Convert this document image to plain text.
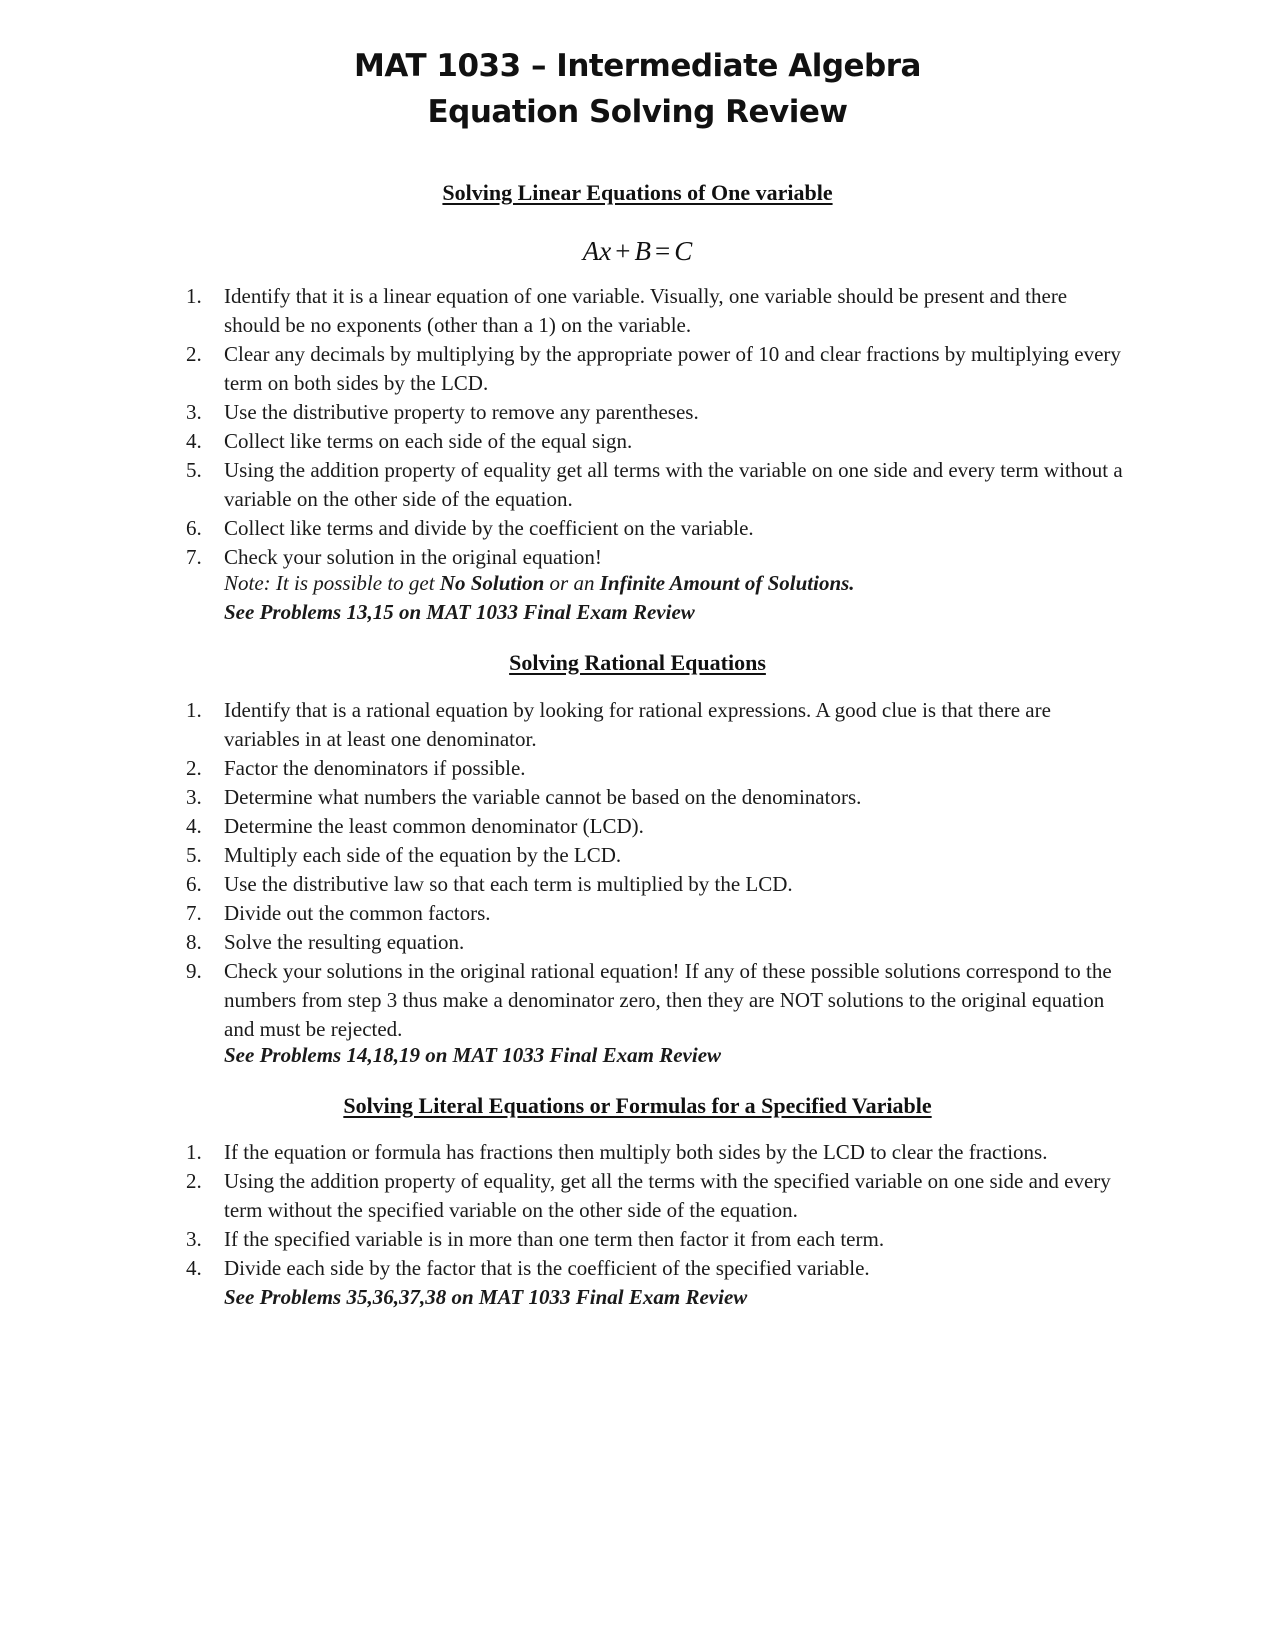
MAT 1033 – Intermediate Algebra
Equation Solving Review
Solving Linear Equations of One variable
Ax + B = C
1. Identify that it is a linear equation of one variable. Visually, one variable should be present and there should be no exponents (other than a 1) on the variable.
2. Clear any decimals by multiplying by the appropriate power of 10 and clear fractions by multiplying every term on both sides by the LCD.
3. Use the distributive property to remove any parentheses.
4. Collect like terms on each side of the equal sign.
5. Using the addition property of equality get all terms with the variable on one side and every term without a variable on the other side of the equation.
6. Collect like terms and divide by the coefficient on the variable.
7. Check your solution in the original equation!
Note: It is possible to get No Solution or an Infinite Amount of Solutions.
See Problems 13,15 on MAT 1033 Final Exam Review
Solving Rational Equations
1. Identify that is a rational equation by looking for rational expressions. A good clue is that there are variables in at least one denominator.
2. Factor the denominators if possible.
3. Determine what numbers the variable cannot be based on the denominators.
4. Determine the least common denominator (LCD).
5. Multiply each side of the equation by the LCD.
6. Use the distributive law so that each term is multiplied by the LCD.
7. Divide out the common factors.
8. Solve the resulting equation.
9. Check your solutions in the original rational equation! If any of these possible solutions correspond to the numbers from step 3 thus make a denominator zero, then they are NOT solutions to the original equation and must be rejected.
See Problems 14,18,19 on MAT 1033 Final Exam Review
Solving Literal Equations or Formulas for a Specified Variable
1. If the equation or formula has fractions then multiply both sides by the LCD to clear the fractions.
2. Using the addition property of equality, get all the terms with the specified variable on one side and every term without the specified variable on the other side of the equation.
3. If the specified variable is in more than one term then factor it from each term.
4. Divide each side by the factor that is the coefficient of the specified variable.
See Problems 35,36,37,38 on MAT 1033 Final Exam Review
